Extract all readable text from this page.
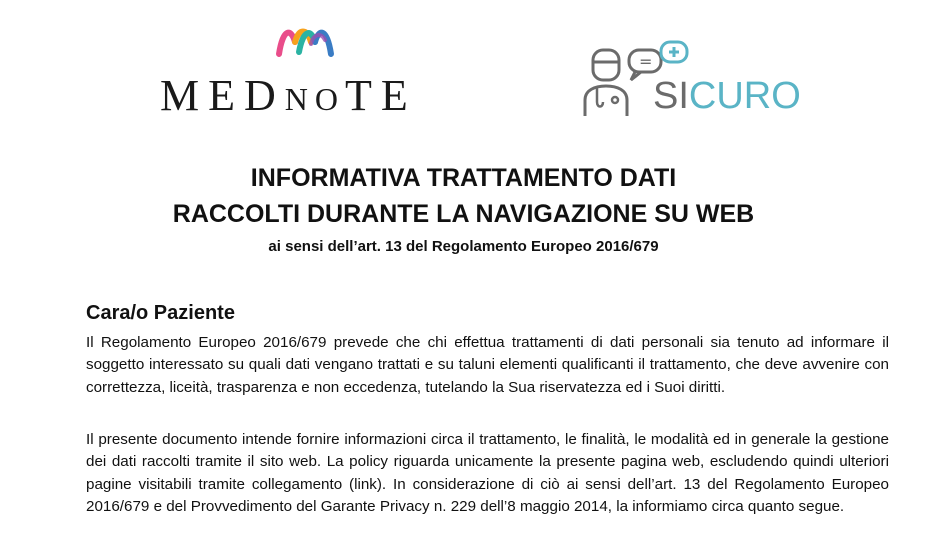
MEDNOTE
=
SICURO
INFORMATIVA TRATTAMENTO DATI
RACCOLTI DURANTE LA NAVIGAZIONE SU WEB
ai sensi dell’art. 13 del Regolamento Europeo 2016/679
Cara/o Paziente
Il Regolamento Europeo 2016/679 prevede che chi effettua trattamenti di dati personali sia tenuto ad informare il soggetto interessato su quali dati vengano trattati e su taluni elementi qualificanti il trattamento, che deve avvenire con correttezza, liceità, trasparenza e non eccedenza, tutelando la Sua riservatezza ed i Suoi diritti.
Il presente documento intende fornire informazioni circa il trattamento, le finalità, le modalità ed in generale la gestione dei dati raccolti tramite il sito web. La policy riguarda unicamente la presente pagina web, escludendo quindi ulteriori pagine visitabili tramite collegamento (link). In considerazione di ciò ai sensi dell’art. 13 del Regolamento Europeo 2016/679 e del Provvedimento del Garante Privacy n. 229 dell’8 maggio 2014, la informiamo circa quanto segue.
